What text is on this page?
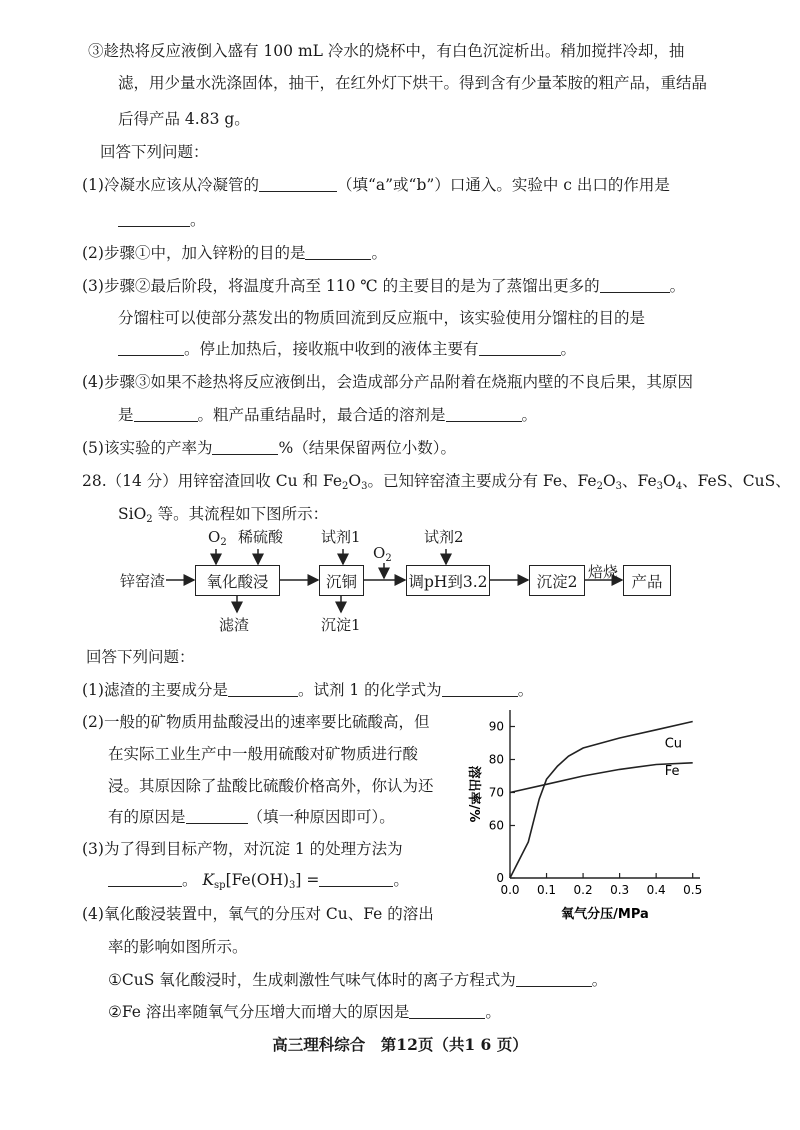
③趁热将反应液倒入盛有 100 mL 冷水的烧杯中，有白色沉淀析出。稍加搅拌冷却，抽
滤，用少量水洗涤固体，抽干，在红外灯下烘干。得到含有少量苯胺的粗产品，重结晶
后得产品 4.83 g。
回答下列问题：
(1)冷凝水应该从冷凝管的	（填“a”或“b”）口通入。实验中 c 出口的作用是
。
(2)步骤①中，加入锌粉的目的是	。
(3)步骤②最后阶段，将温度升高至 110 ℃ 的主要目的是为了蒸馏出更多的	。
分馏柱可以使部分蒸发出的物质回流到反应瓶中，该实验使用分馏柱的目的是
。停止加热后，接收瓶中收到的液体主要有	。
(4)步骤③如果不趁热将反应液倒出，会造成部分产品附着在烧瓶内壁的不良后果，其原因
是	。粗产品重结晶时，最合适的溶剂是	。
(5)该实验的产率为	%（结果保留两位小数）。
28.（14 分）用锌窑渣回收 Cu 和 $Fe_2O_3$。已知锌窑渣主要成分有 Fe、$Fe_2O_3$、$Fe_3O_4$、FeS、CuS、
SiO$_2$ 等。其流程如下图所示：
锌窑渣	氧化酸浸	沉铜	调pH到3.2	沉淀2	产品
$O_2$ 稀硫酸	试剂1
$O_2$
试剂2
焙烧
滤渣	沉淀1
回答下列问题：
(1)滤渣的主要成分是	。试剂 1 的化学式为	。
(2)一般的矿物质用盐酸浸出的速率要比硫酸高，但
在实际工业生产中一般用硫酸对矿物质进行酸
浸。其原因除了盐酸比硫酸价格高外，你认为还
有的原因是	（填一种原因即可）。
(3)为了得到目标产物，对沉淀 1 的处理方法为
。 $K_{sp}[Fe(OH)_3]$ =	。
(4)氧化酸浸装置中，氧气的分压对 Cu、Fe 的溶出
率的影响如图所示。
①CuS 氧化酸浸时，生成刺激性气味气体时的离子方程式为	。
②Fe 溶出率随氧气分压增大而增大的原因是	。
高三理科综合　第12页（共1 6 页）
0
60
70
80
90
0.0 0.1 0.2 0.3 0.4 0.5
Cu
Fe
氧气分压/MPa
溶出率/%
